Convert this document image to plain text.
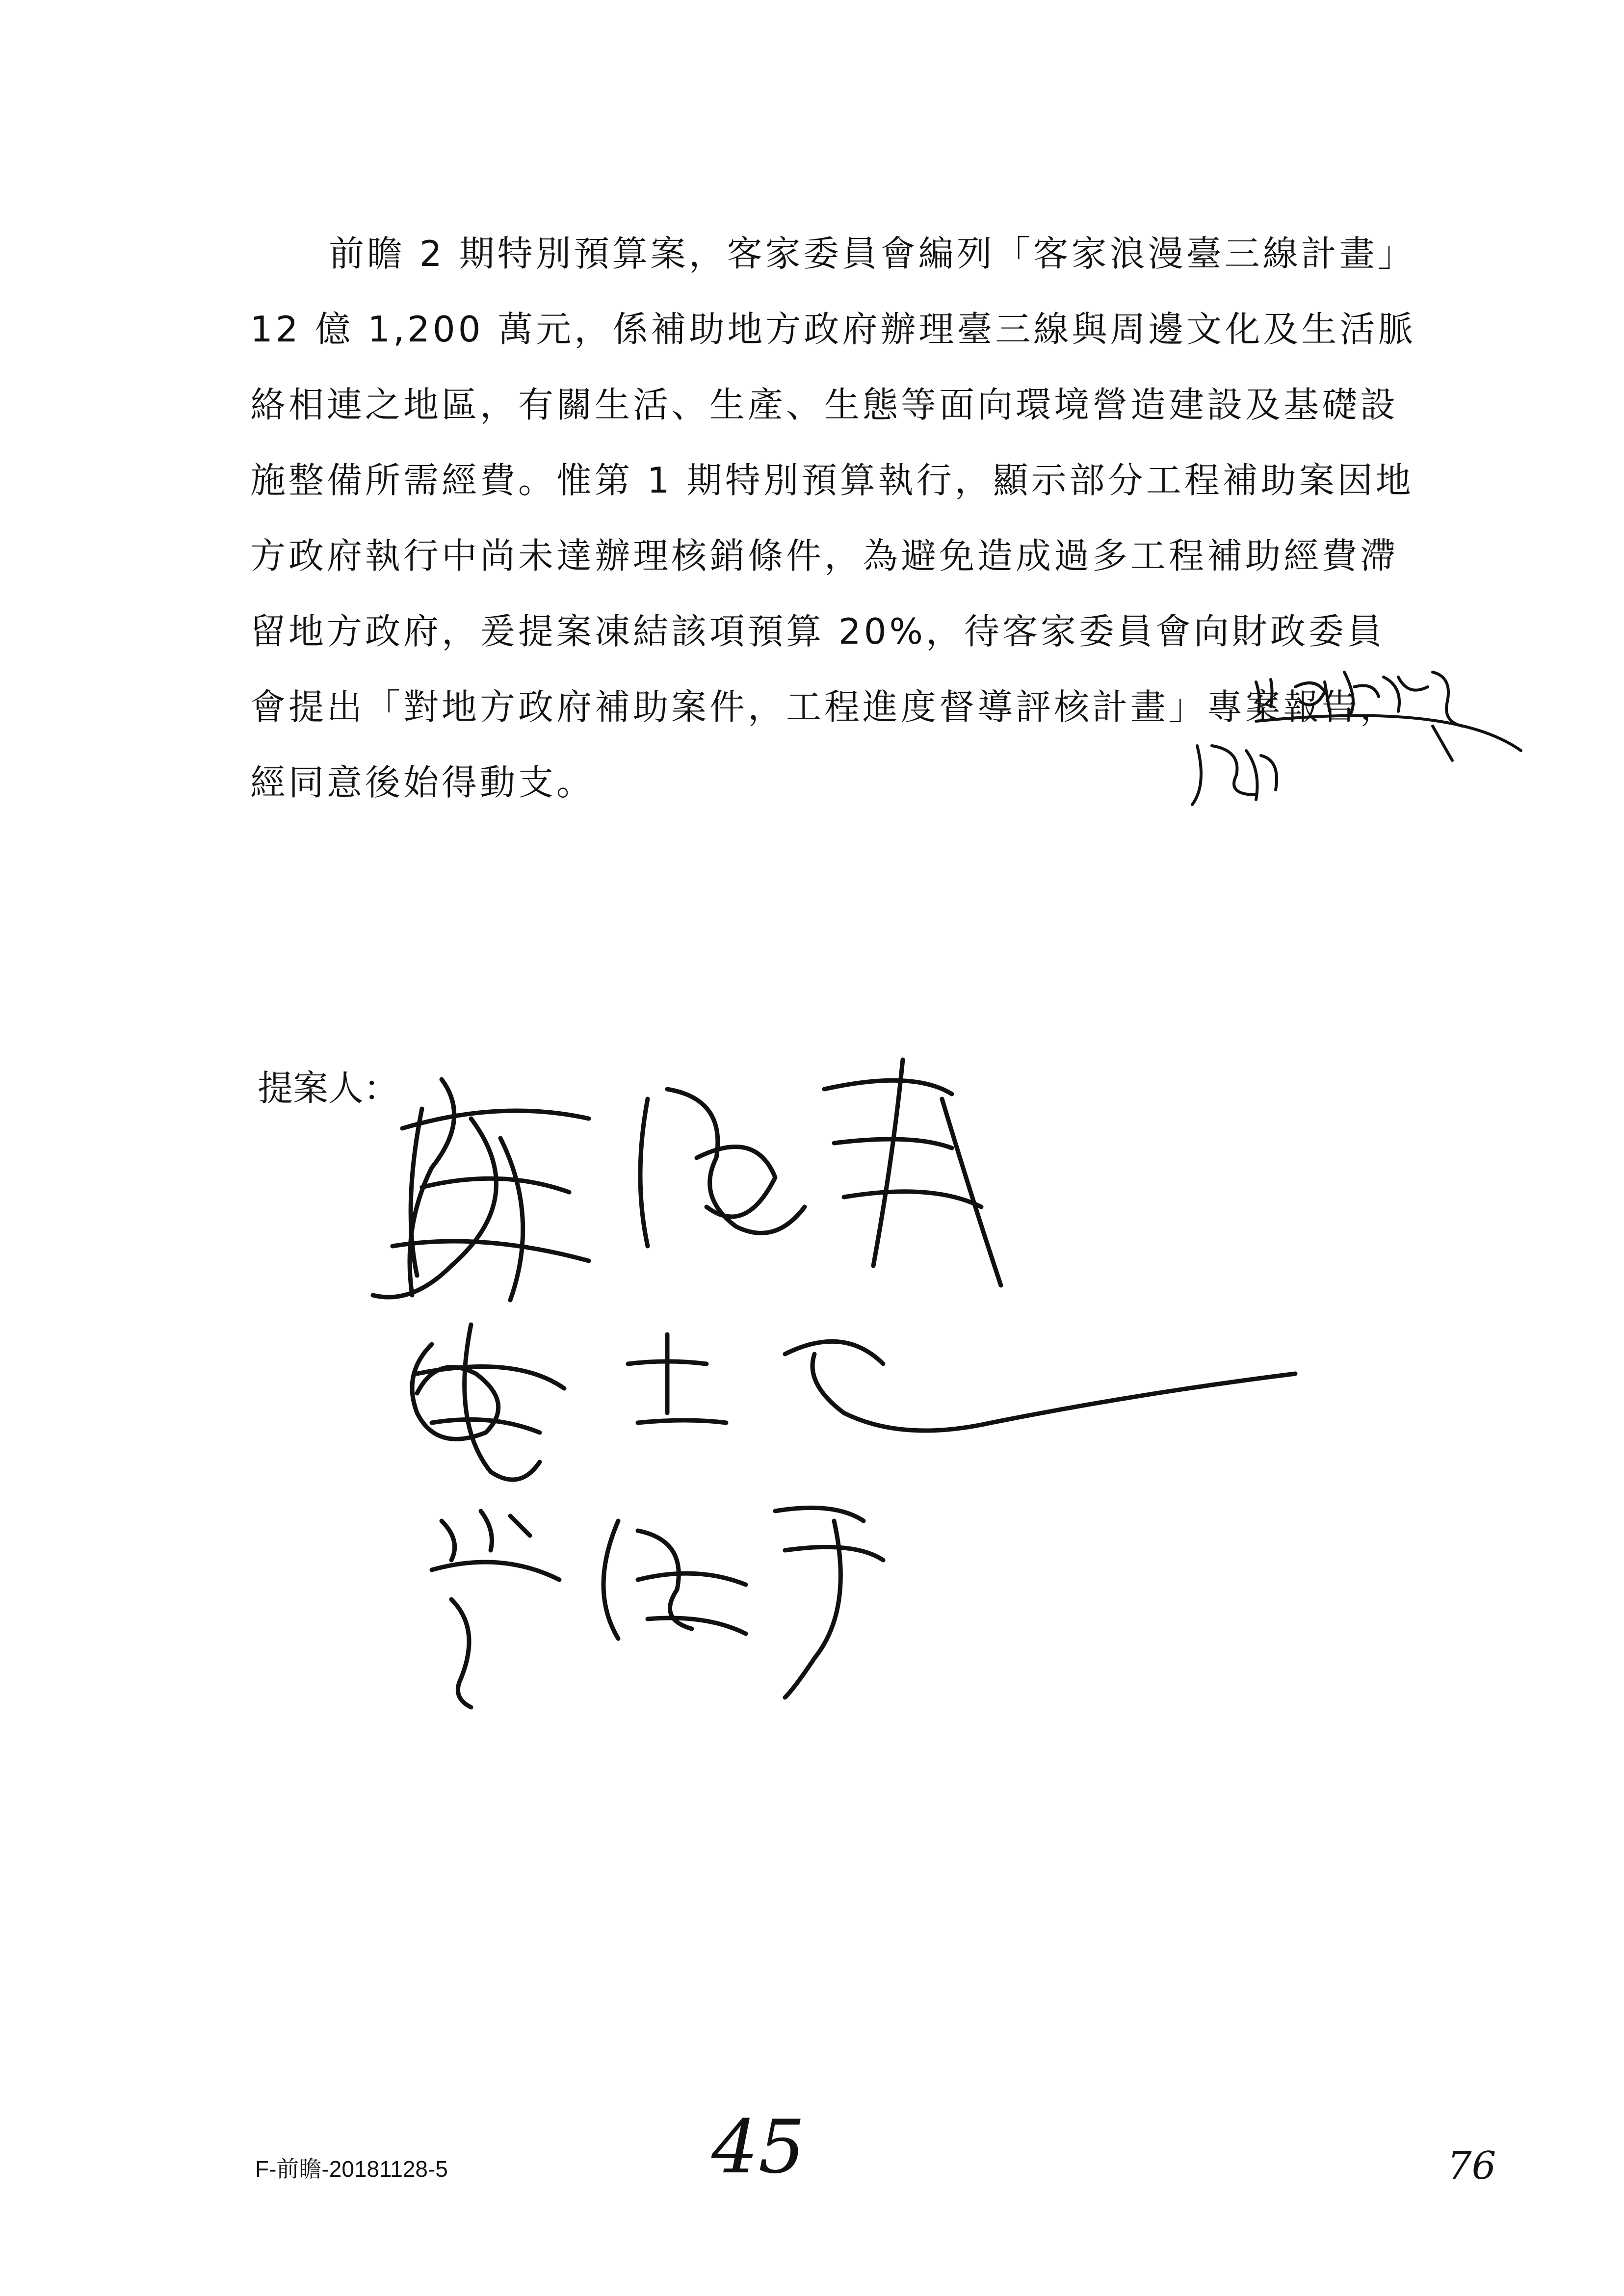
前瞻 2 期特別預算案，客家委員會編列「客家浪漫臺三線計畫」
12 億 1,200 萬元，係補助地方政府辦理臺三線與周邊文化及生活脈
絡相連之地區，有關生活、生產、生態等面向環境營造建設及基礎設
施整備所需經費。惟第 1 期特別預算執行，顯示部分工程補助案因地
方政府執行中尚未達辦理核銷條件，為避免造成過多工程補助經費滯
留地方政府，爰提案凍結該項預算 20%，待客家委員會向財政委員
會提出「對地方政府補助案件，工程進度督導評核計畫」專案報告，
經同意後始得動支。
提案人：
F-前瞻-20181128-5	45	76
